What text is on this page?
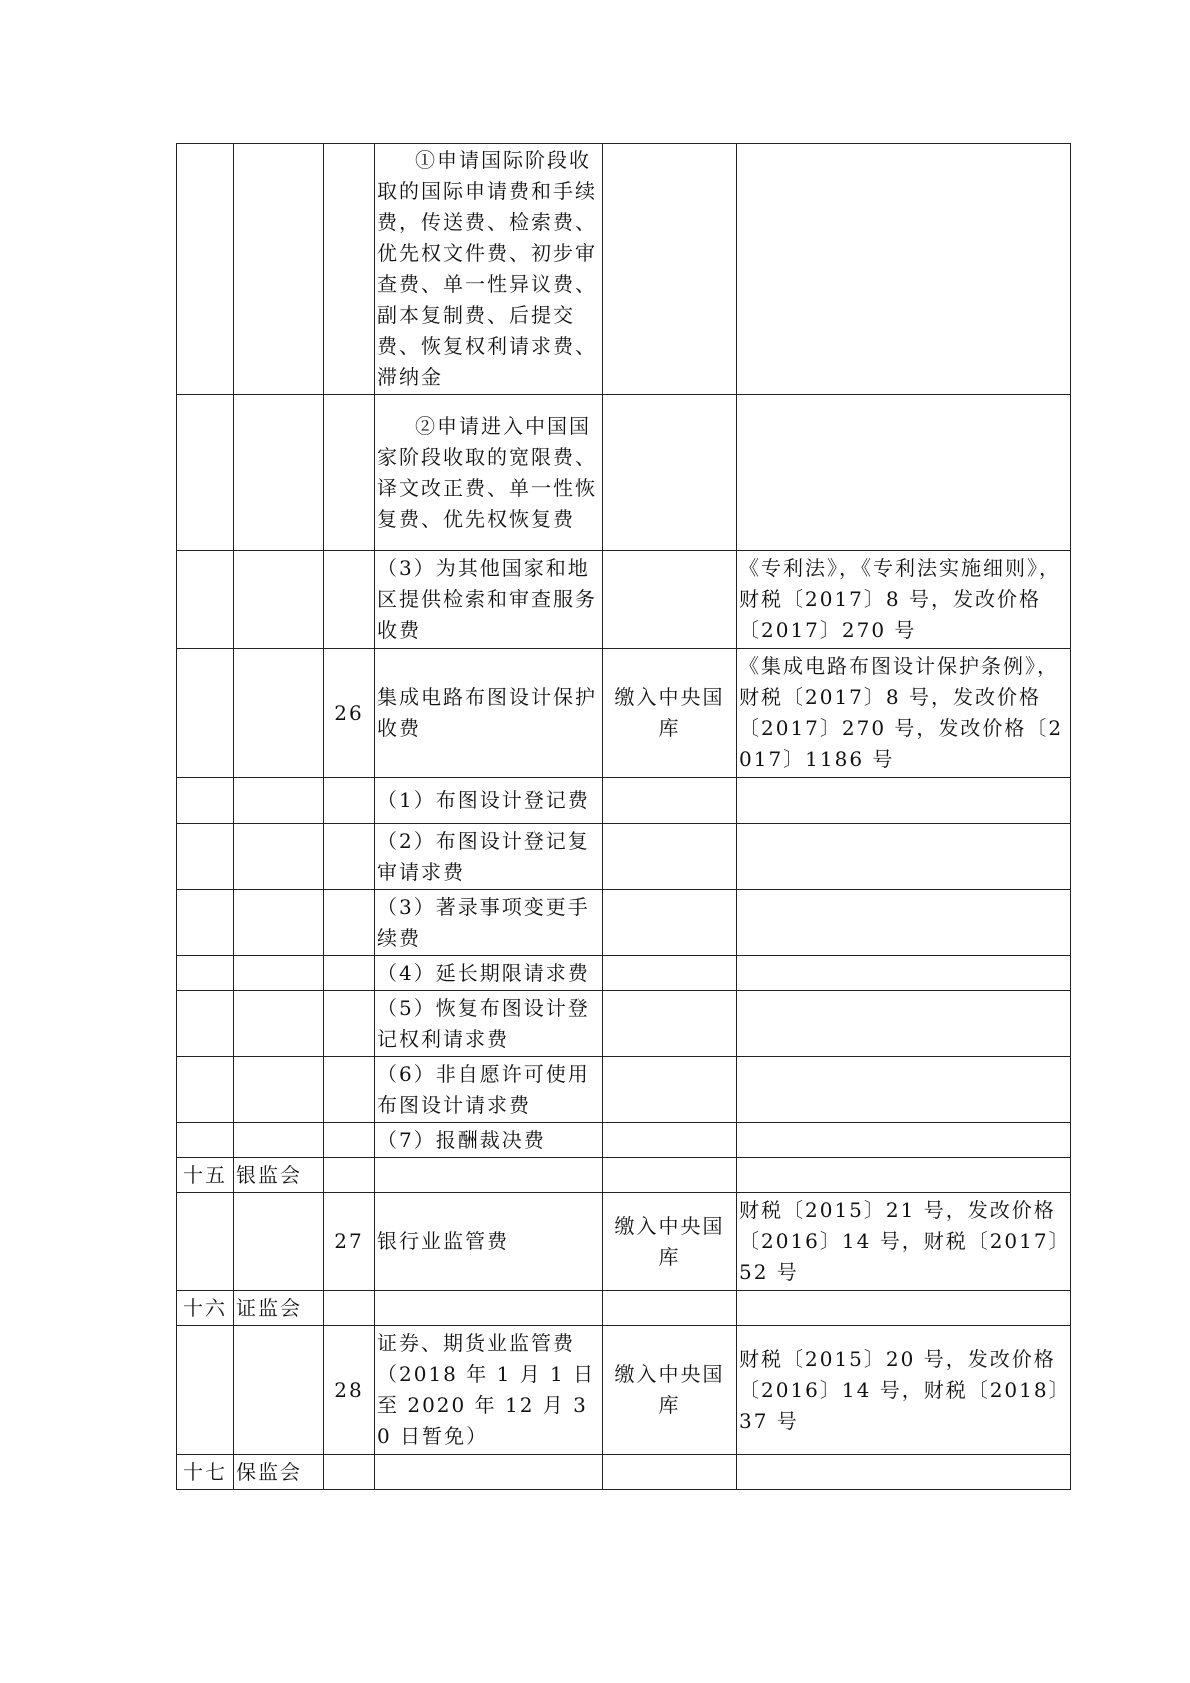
			①申请国际阶段收取的国际申请费和手续费，传送费、检索费、优先权文件费、初步审查费、单一性异议费、副本复制费、后提交费、恢复权利请求费、滞纳金		
			②申请进入中国国家阶段收取的宽限费、译文改正费、单一性恢复费、优先权恢复费		
			（3）为其他国家和地区提供检索和审查服务收费		《专利法》，《专利法实施细则》，财税〔2017〕8 号，发改价格〔2017〕270 号
		26	集成电路布图设计保护收费	缴入中央国库	《集成电路布图设计保护条例》，财税〔2017〕8 号，发改价格〔2017〕270 号，发改价格〔2017〕1186 号
			（1）布图设计登记费		
			（2）布图设计登记复审请求费		
			（3）著录事项变更手续费		
			（4）延长期限请求费		
			（5）恢复布图设计登记权利请求费		
			（6）非自愿许可使用布图设计请求费		
			（7）报酬裁决费		
十五	银监会				
		27	银行业监管费	缴入中央国库	财税〔2015〕21 号，发改价格〔2016〕14 号，财税〔2017〕52 号
十六	证监会				
		28	证券、期货业监管费（2018 年 1 月 1 日至 2020 年 12 月 30 日暂免）	缴入中央国库	财税〔2015〕20 号，发改价格〔2016〕14 号，财税〔2018〕37 号
十七	保监会				
